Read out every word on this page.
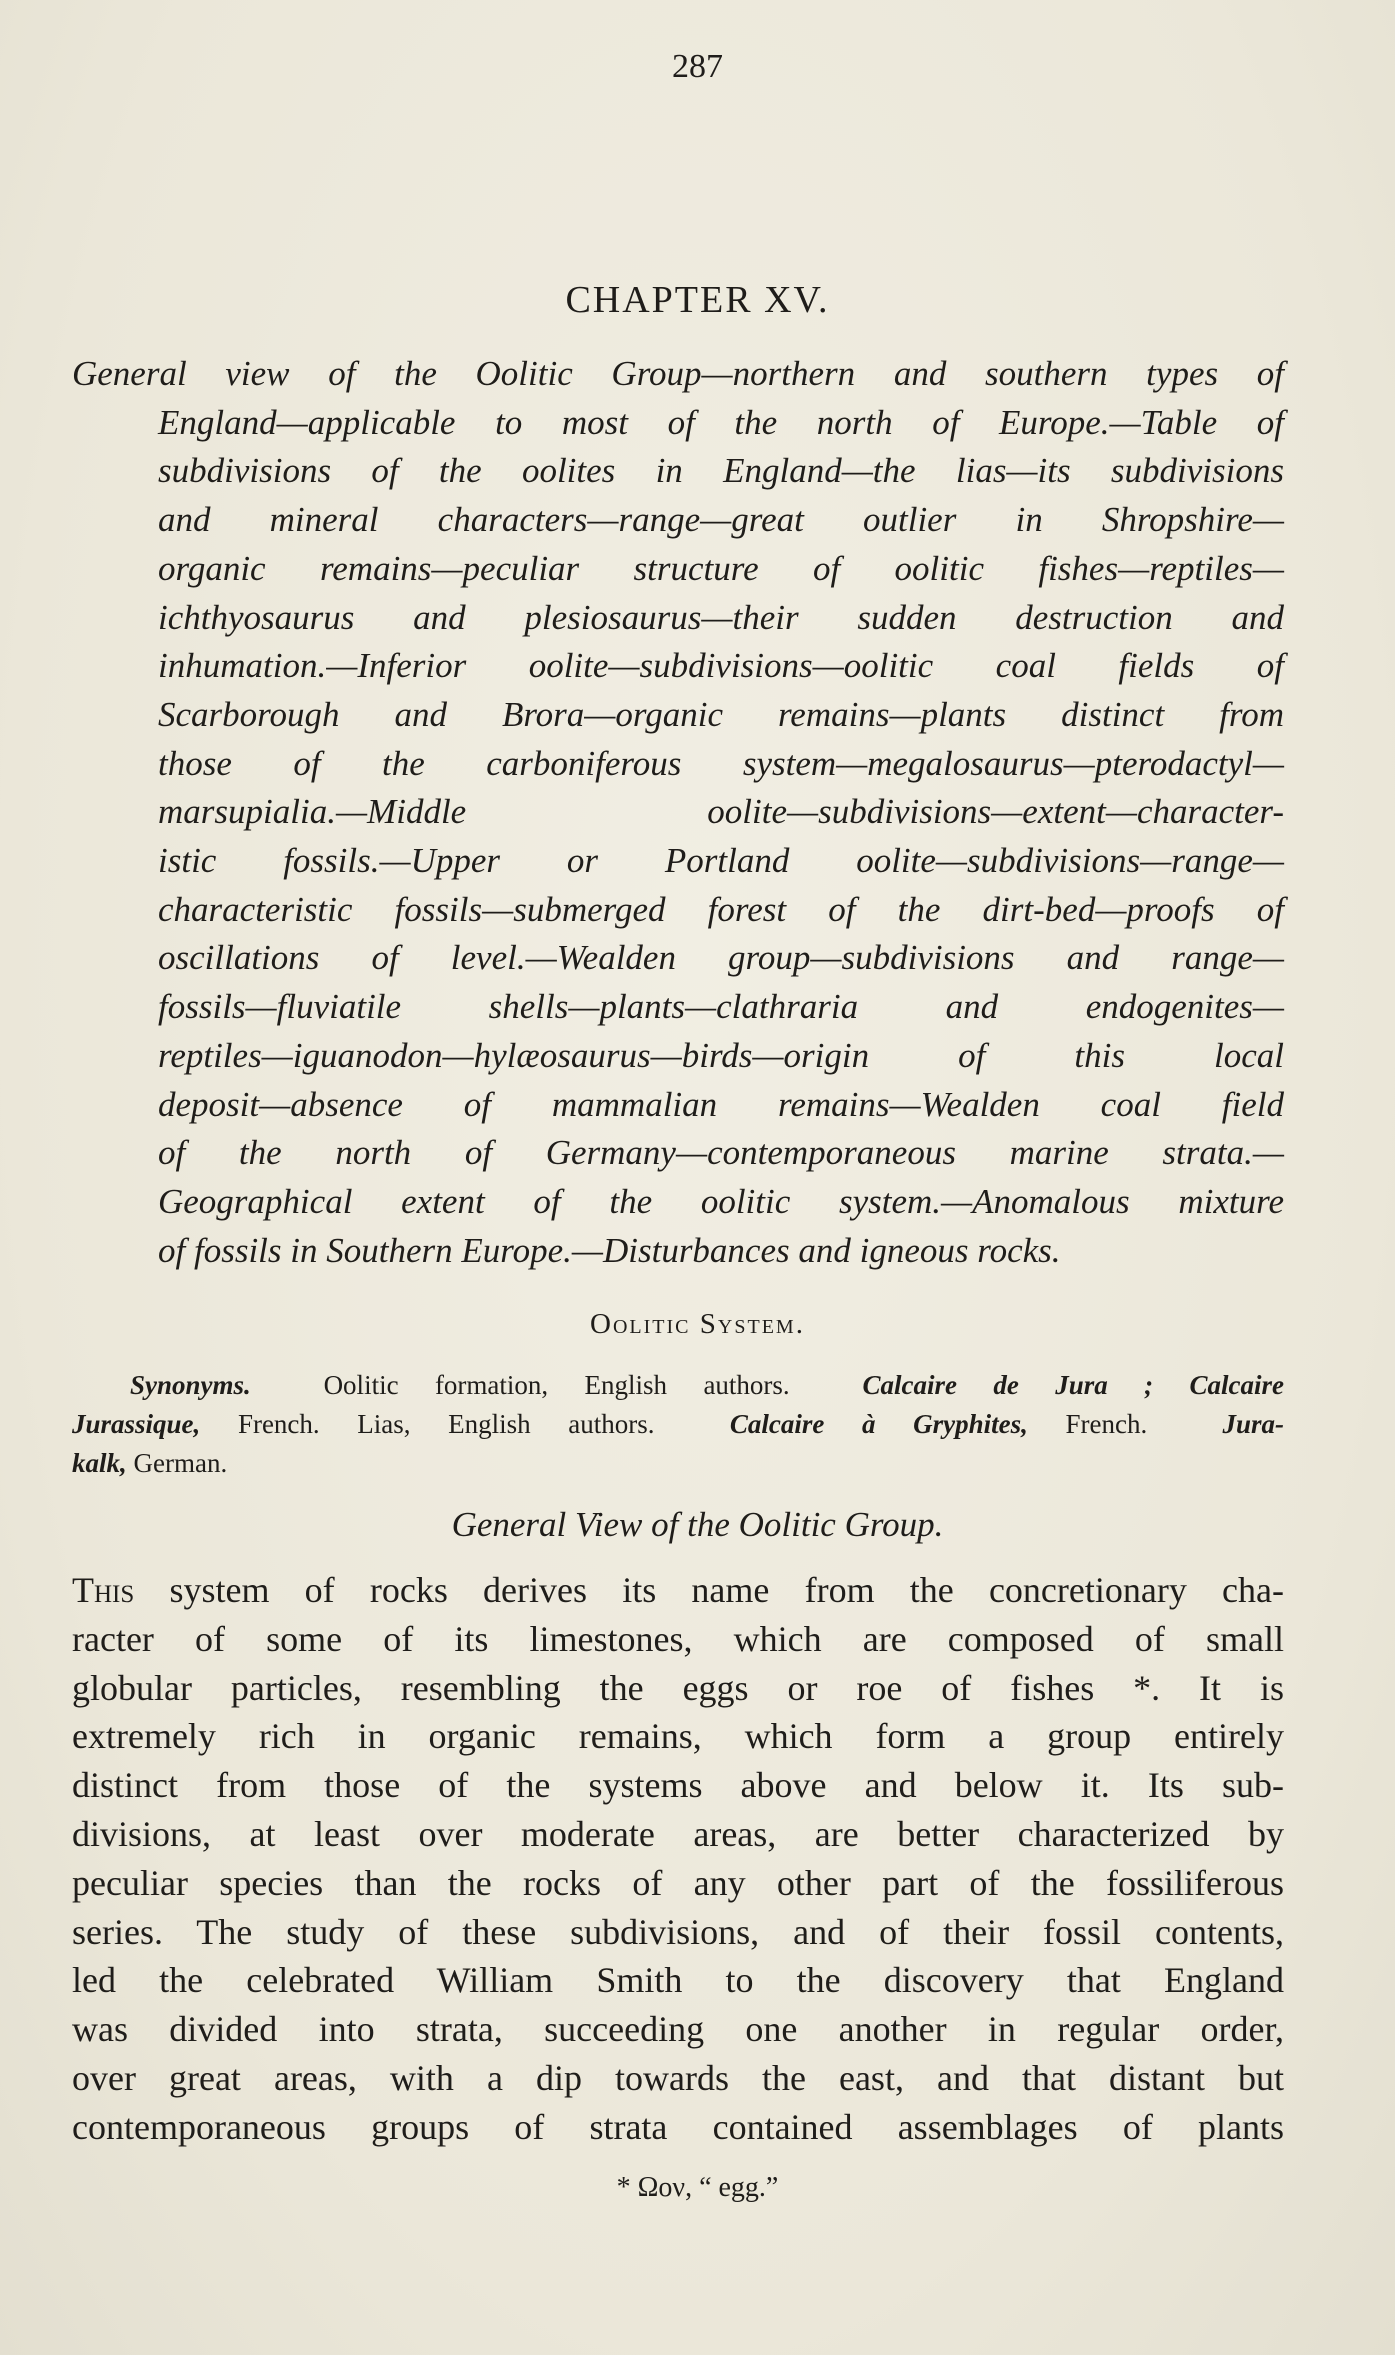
287
CHAPTER XV.
General view of the Oolitic Group—northern and southern types of
England—applicable to most of the north of Europe.—Table of
subdivisions of the oolites in England—the lias—its subdivisions
and mineral characters—range—great outlier in Shropshire—
organic remains—peculiar structure of oolitic fishes—reptiles—
ichthyosaurus and plesiosaurus—their sudden destruction and
inhumation.—Inferior oolite—subdivisions—oolitic coal fields of
Scarborough and Brora—organic remains—plants distinct from
those of the carboniferous system—megalosaurus—pterodactyl—
marsupialia.—Middle oolite—subdivisions—extent—character-
istic fossils.—Upper or Portland oolite—subdivisions—range—
characteristic fossils—submerged forest of the dirt-bed—proofs of
oscillations of level.—Wealden group—subdivisions and range—
fossils—fluviatile shells—plants—clathraria and endogenites—
reptiles—iguanodon—hylæosaurus—birds—origin of this local
deposit—absence of mammalian remains—Wealden coal field
of the north of Germany—contemporaneous marine strata.—
Geographical extent of the oolitic system.—Anomalous mixture
of fossils in Southern Europe.—Disturbances and igneous rocks.
Oolitic System.
Synonyms.	Oolitic formation, English authors.	Calcaire de Jura ; Calcaire
Jurassique, French. Lias, English authors.	Calcaire à Gryphites, French.	Jura-
kalk, German.
General View of the Oolitic Group.
This system of rocks derives its name from the concretionary cha-
racter of some of its limestones, which are composed of small
globular particles, resembling the eggs or roe of fishes *. It is
extremely rich in organic remains, which form a group entirely
distinct from those of the systems above and below it. Its sub-
divisions, at least over moderate areas, are better characterized by
peculiar species than the rocks of any other part of the fossiliferous
series. The study of these subdivisions, and of their fossil contents,
led the celebrated William Smith to the discovery that England
was divided into strata, succeeding one another in regular order,
over great areas, with a dip towards the east, and that distant but
contemporaneous groups of strata contained assemblages of plants
* Ωον, “ egg.”
